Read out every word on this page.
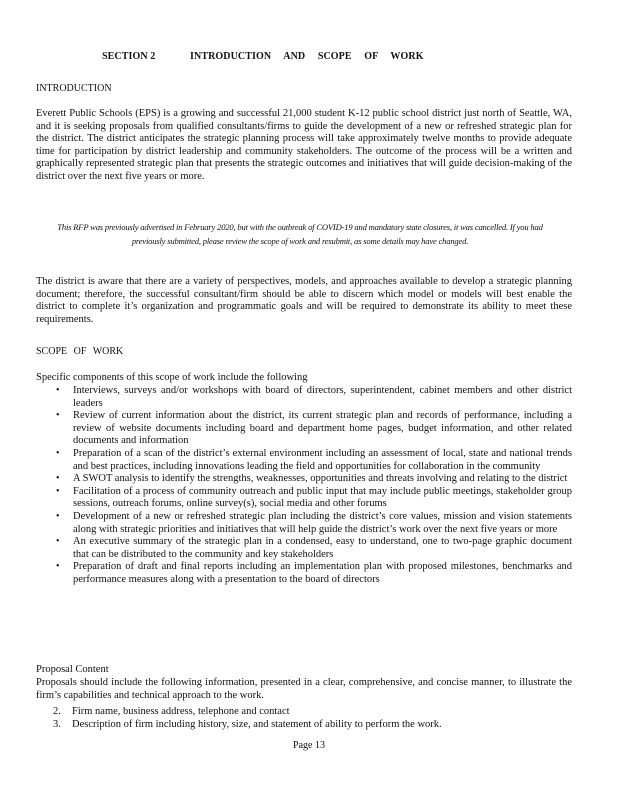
SECTION 2	INTRODUCTION AND SCOPE OF WORK
INTRODUCTION
Everett Public Schools (EPS) is a growing and successful 21,000 student K-12 public school district just north of Seattle, WA, and it is seeking proposals from qualified consultants/firms to guide the development of a new or refreshed strategic plan for the district. The district anticipates the strategic planning process will take approximately twelve months to provide adequate time for participation by district leadership and community stakeholders. The outcome of the process will be a written and graphically represented strategic plan that presents the strategic outcomes and initiatives that will guide decision-making of the district over the next five years or more.
This RFP was previously advertised in February 2020, but with the outbreak of COVID-19 and mandatory state closures, it was cancelled. If you had previously submitted, please review the scope of work and resubmit, as some details may have changed.
The district is aware that there are a variety of perspectives, models, and approaches available to develop a strategic planning document; therefore, the successful consultant/firm should be able to discern which model or models will best enable the district to complete it’s organization and programmatic goals and will be required to demonstrate its ability to meet these requirements.
SCOPE OF WORK
Specific components of this scope of work include the following
• Interviews, surveys and/or workshops with board of directors, superintendent, cabinet members and other district leaders
• Review of current information about the district, its current strategic plan and records of performance, including a review of website documents including board and department home pages, budget information, and other related documents and information
• Preparation of a scan of the district’s external environment including an assessment of local, state and national trends and best practices, including innovations leading the field and opportunities for collaboration in the community
• A SWOT analysis to identify the strengths, weaknesses, opportunities and threats involving and relating to the district
• Facilitation of a process of community outreach and public input that may include public meetings, stakeholder group sessions, outreach forums, online survey(s), social media and other forums
• Development of a new or refreshed strategic plan including the district’s core values, mission and vision statements along with strategic priorities and initiatives that will help guide the district’s work over the next five years or more
• An executive summary of the strategic plan in a condensed, easy to understand, one to two-page graphic document that can be distributed to the community and key stakeholders
• Preparation of draft and final reports including an implementation plan with proposed milestones, benchmarks and performance measures along with a presentation to the board of directors
Proposal Content
Proposals should include the following information, presented in a clear, comprehensive, and concise manner, to illustrate the firm’s capabilities and technical approach to the work.
2. Firm name, business address, telephone and contact
3. Description of firm including history, size, and statement of ability to perform the work.
Page 13
